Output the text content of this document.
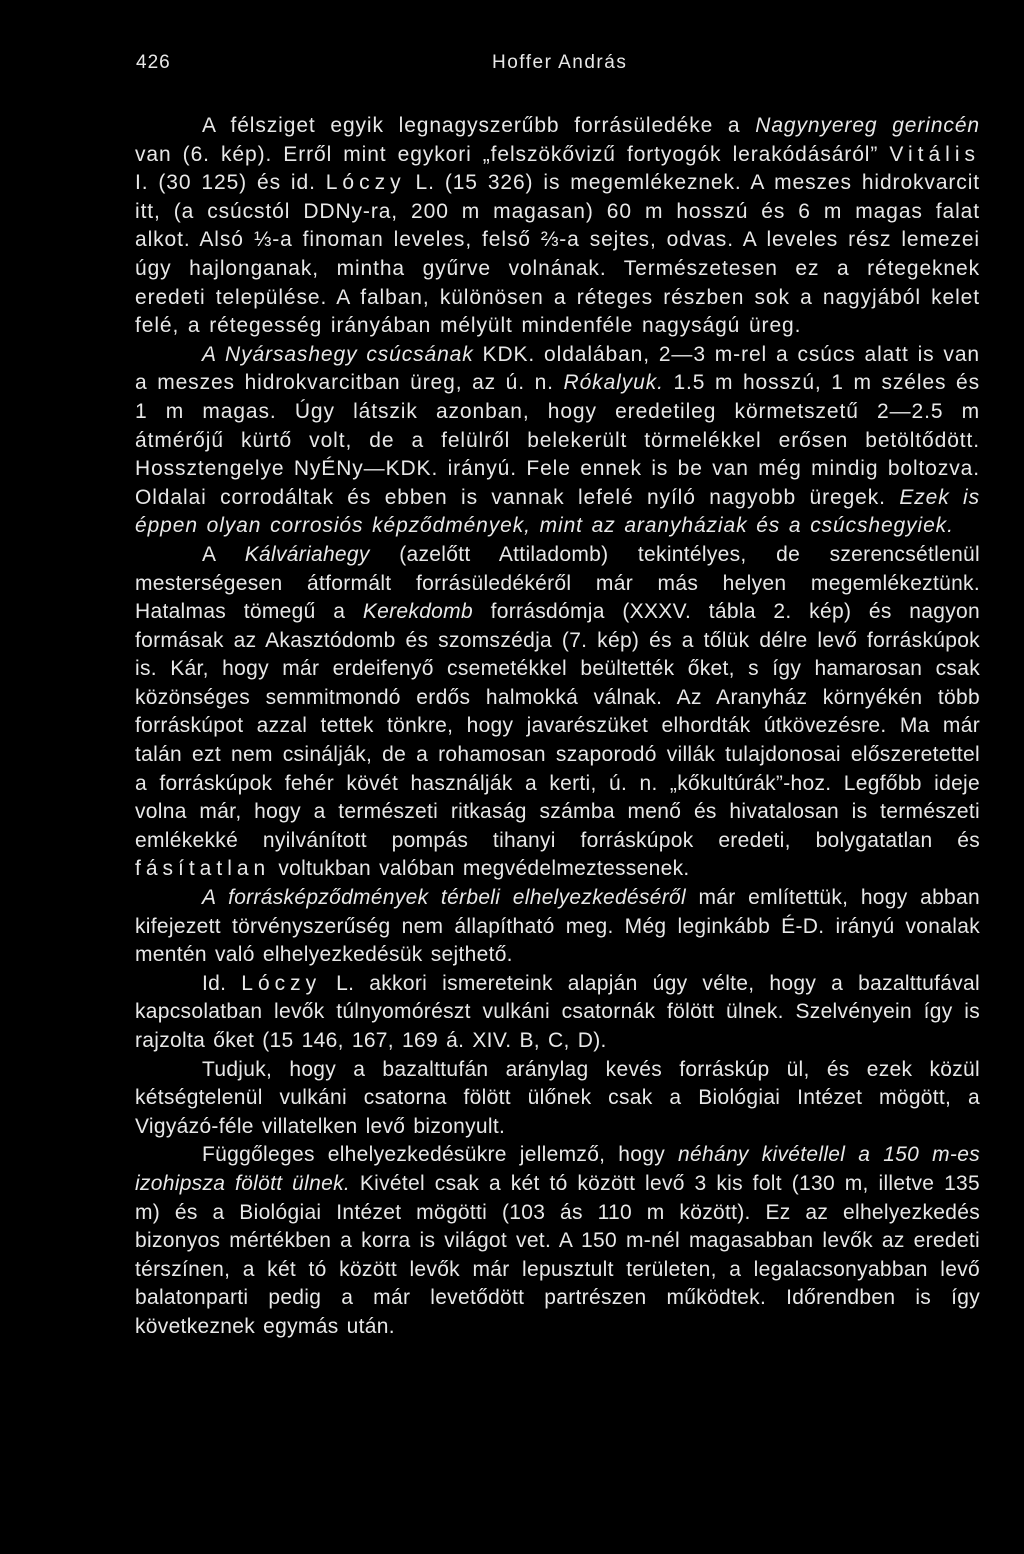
426	Hoffer András

A félsziget egyik legnagyszerűbb forrásüledéke a Nagynyereg gerincén van (6. kép). Erről mint egykori „felszökővizű fortyogók lerakódásáról” Vitális I. (30 125) és id. Lóczy L. (15 326) is megemlékeznek. A meszes hidrokvarcit itt, (a csúcstól DDNy-ra, 200 m magasan) 60 m hosszú és 6 m magas falat alkot. Alsó ⅓-a finoman leveles, felső ⅔-a sejtes, odvas. A leveles rész lemezei úgy hajlonganak, mintha gyűrve volnának. Természetesen ez a rétegeknek eredeti települése. A falban, különösen a réteges részben sok a nagyjából kelet felé, a rétegesség irányában mélyült mindenféle nagyságú üreg.

A Nyársashegy csúcsának KDK. oldalában, 2—3 m-rel a csúcs alatt is van a meszes hidrokvarcitban üreg, az ú. n. Rókalyuk. 1.5 m hosszú, 1 m széles és 1 m magas. Úgy látszik azonban, hogy eredetileg körmetszetű 2—2.5 m átmérőjű kürtő volt, de a felülről belekerült törmelékkel erősen betöltődött. Hossztengelye NyÉNy—KDK. irányú. Fele ennek is be van még mindig boltozva. Oldalai corrodáltak és ebben is vannak lefelé nyíló nagyobb üregek. Ezek is éppen olyan corrosiós képződmények, mint az aranyháziak és a csúcshegyiek.

A Kálváriahegy (azelőtt Attiladomb) tekintélyes, de szerencsétlenül mesterségesen átformált forrásüledékéről már más helyen megemlékeztünk. Hatalmas tömegű a Kerekdomb forrásdómja (XXXV. tábla 2. kép) és nagyon formásak az Akasztódomb és szomszédja (7. kép) és a tőlük délre levő forráskúpok is. Kár, hogy már erdeifenyő csemetékkel beültették őket, s így hamarosan csak közönséges semmitmondó erdős halmokká válnak. Az Aranyház környékén több forráskúpot azzal tettek tönkre, hogy javarészüket elhordták útkövezésre. Ma már talán ezt nem csinálják, de a rohamosan szaporodó villák tulajdonosai előszeretettel a forráskúpok fehér kövét használják a kerti, ú. n. „kőkultúrák”-hoz. Legfőbb ideje volna már, hogy a természeti ritkaság számba menő és hivatalosan is természeti emlékekké nyilvánított pompás tihanyi forráskúpok eredeti, bolygatatlan és fásítatlan voltukban valóban megvédelmeztessenek.

A forrásképződmények térbeli elhelyezkedéséről már említettük, hogy abban kifejezett törvényszerűség nem állapítható meg. Még leginkább É-D. irányú vonalak mentén való elhelyezkedésük sejthető.

Id. Lóczy L. akkori ismereteink alapján úgy vélte, hogy a bazalttufával kapcsolatban levők túlnyomórészt vulkáni csatornák fölött ülnek. Szelvényein így is rajzolta őket (15 146, 167, 169 á. XIV. B, C, D).

Tudjuk, hogy a bazalttufán aránylag kevés forráskúp ül, és ezek közül kétségtelenül vulkáni csatorna fölött ülőnek csak a Biológiai Intézet mögött, a Vigyázó-féle villatelken levő bizonyult.

Függőleges elhelyezkedésükre jellemző, hogy néhány kivétellel a 150 m-es izohipsza fölött ülnek. Kivétel csak a két tó között levő 3 kis folt (130 m, illetve 135 m) és a Biológiai Intézet mögötti (103 ás 110 m között). Ez az elhelyezkedés bizonyos mértékben a korra is világot vet. A 150 m-nél magasabban levők az eredeti térszínen, a két tó között levők már lepusztult területen, a legalacsonyabban levő balatonparti pedig a már levetődött partrészen működtek. Időrendben is így következnek egymás után.
